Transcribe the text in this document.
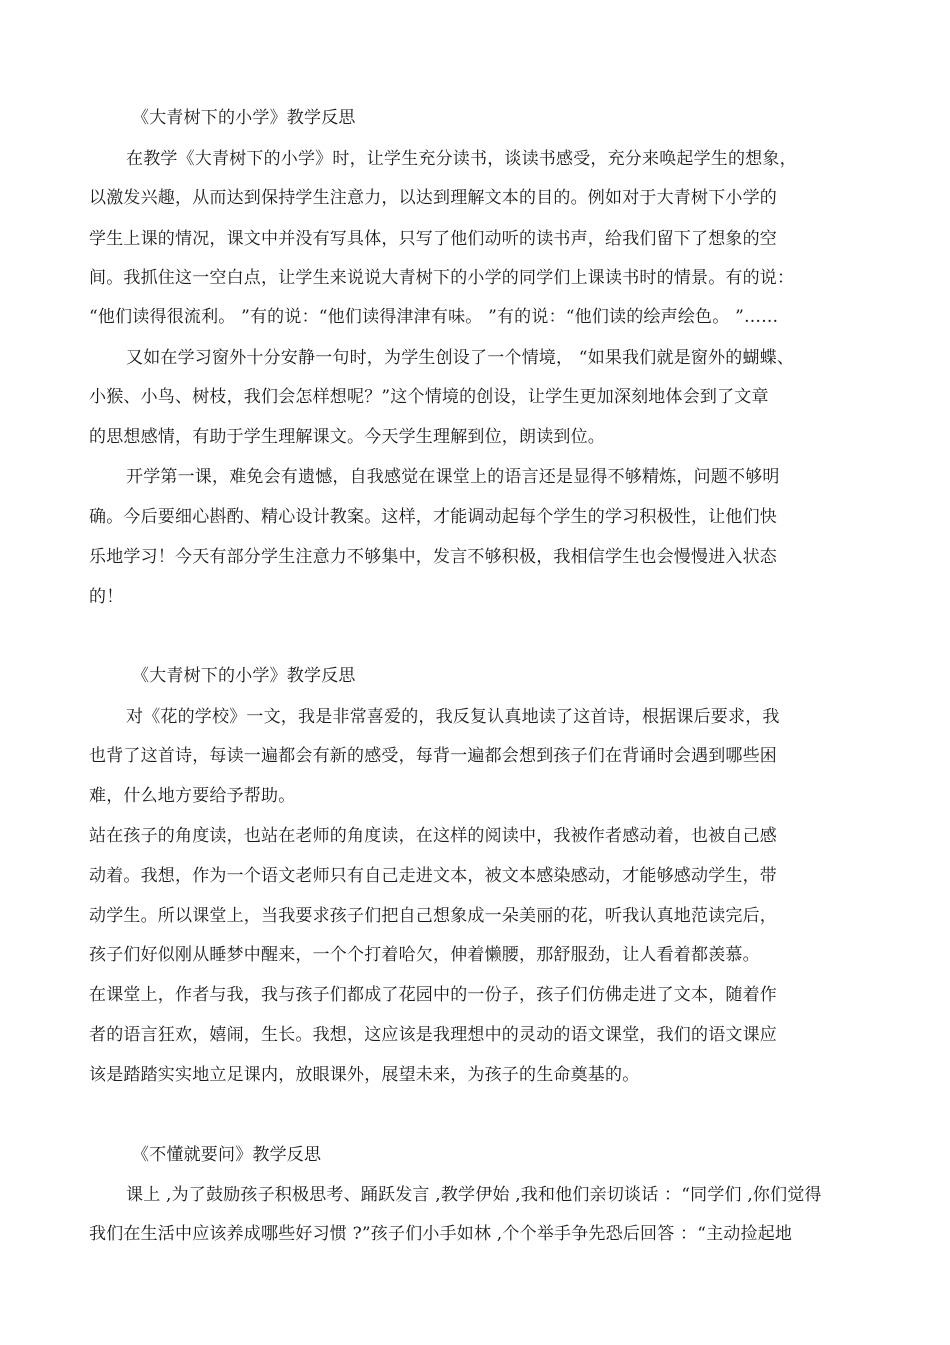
《大青树下的小学》教学反思
在教学《大青树下的小学》时，让学生充分读书，谈读书感受，充分来唤起学生的想象，
以激发兴趣，从而达到保持学生注意力，以达到理解文本的目的。例如对于大青树下小学的
学生上课的情况，课文中并没有写具体，只写了他们动听的读书声，给我们留下了想象的空
间。我抓住这一空白点，让学生来说说大青树下的小学的同学们上课读书时的情景。有的说：
“他们读得很流利。 ”有的说：“他们读得津津有味。 ”有的说：“他们读的绘声绘色。 ”……
又如在学习窗外十分安静一句时，为学生创设了一个情境， “如果我们就是窗外的蝴蝶、
小猴、小鸟、树枝，我们会怎样想呢？”这个情境的创设，让学生更加深刻地体会到了文章
的思想感情，有助于学生理解课文。今天学生理解到位，朗读到位。
开学第一课，难免会有遗憾，自我感觉在课堂上的语言还是显得不够精炼，问题不够明
确。今后要细心斟酌、精心设计教案。这样，才能调动起每个学生的学习积极性，让他们快
乐地学习！今天有部分学生注意力不够集中，发言不够积极，我相信学生也会慢慢进入状态
的！
《大青树下的小学》教学反思
对《花的学校》一文，我是非常喜爱的，我反复认真地读了这首诗，根据课后要求，我
也背了这首诗，每读一遍都会有新的感受，每背一遍都会想到孩子们在背诵时会遇到哪些困
难，什么地方要给予帮助。
站在孩子的角度读，也站在老师的角度读，在这样的阅读中，我被作者感动着，也被自己感
动着。我想，作为一个语文老师只有自己走进文本，被文本感染感动，才能够感动学生，带
动学生。所以课堂上，当我要求孩子们把自己想象成一朵美丽的花，听我认真地范读完后，
孩子们好似刚从睡梦中醒来，一个个打着哈欠，伸着懒腰，那舒服劲，让人看着都羡慕。
在课堂上，作者与我，我与孩子们都成了花园中的一份子，孩子们仿佛走进了文本，随着作
者的语言狂欢，嬉闹，生长。我想，这应该是我理想中的灵动的语文课堂，我们的语文课应
该是踏踏实实地立足课内，放眼课外，展望未来，为孩子的生命奠基的。
《不懂就要问》教学反思
课上 ,为了鼓励孩子积极思考、踊跃发言 ,教学伊始 ,我和他们亲切谈话 ：“同学们 ,你们觉得
我们在生活中应该养成哪些好习惯 ?”孩子们小手如林 ,个个举手争先恐后回答 ：“主动捡起地
